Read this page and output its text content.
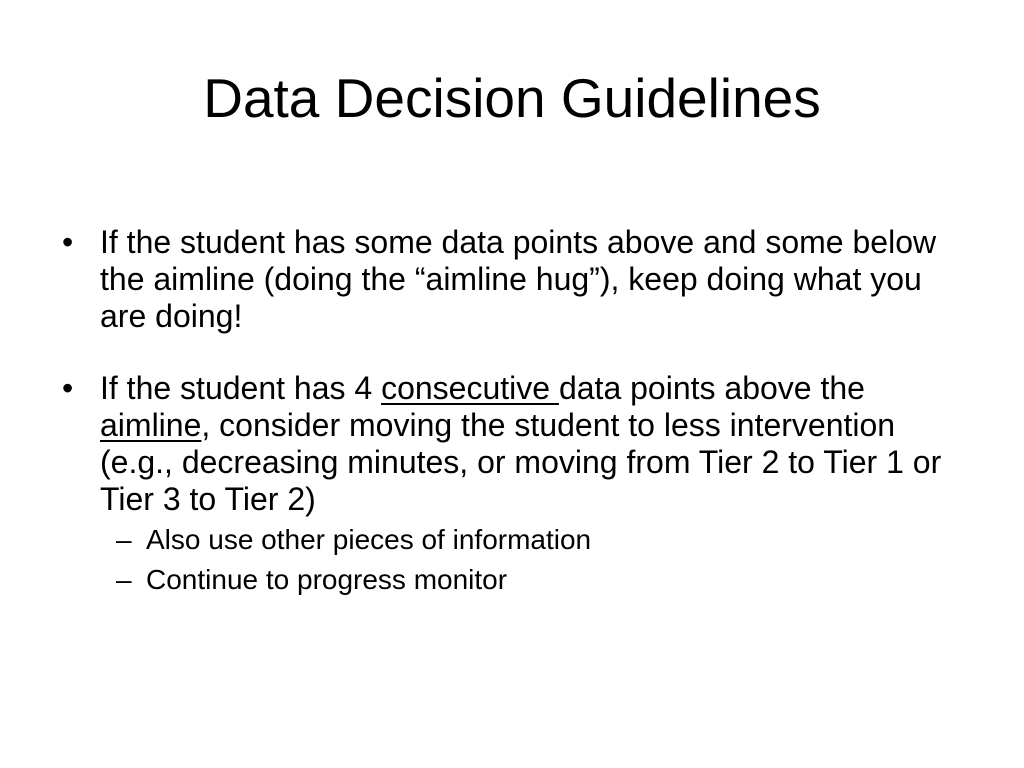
Data Decision Guidelines

• If the student has some data points above and some below the aimline (doing the “aimline hug”), keep doing what you are doing!

• If the student has 4 consecutive data points above the aimline, consider moving the student to less intervention (e.g., decreasing minutes, or moving from Tier 2 to Tier 1 or Tier 3 to Tier 2)

– Also use other pieces of information
– Continue to progress monitor
